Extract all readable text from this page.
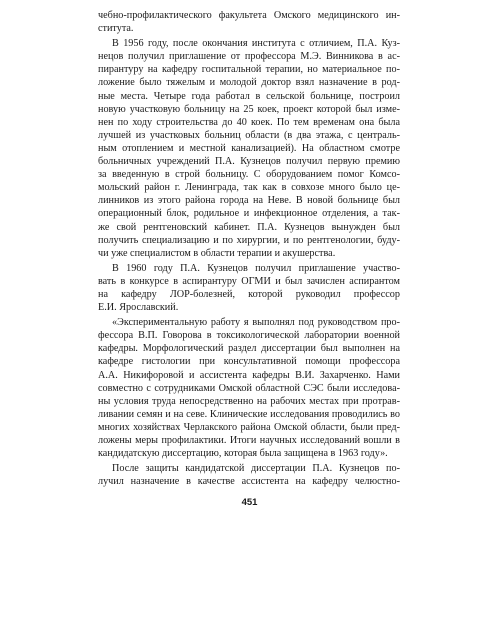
чебно-профилактического факультета Омского медицинского ин-
ститута.
В 1956 году, после окончания института с отличием, П.А. Куз-
нецов получил приглашение от профессора М.Э. Винникова в ас-
пирантуру на кафедру госпитальной терапии, но материальное по-
ложение было тяжелым и молодой доктор взял назначение в род-
ные места. Четыре года работал в сельской больнице, построил
новую участковую больницу на 25 коек, проект которой был изме-
нен по ходу строительства до 40 коек. По тем временам она была
лучшей из участковых больниц области (в два этажа, с централь-
ным отоплением и местной канализацией). На областном смотре
больничных учреждений П.А. Кузнецов получил первую премию
за введенную в строй больницу. С оборудованием помог Комсо-
мольский район г. Ленинграда, так как в совхозе много было це-
линников из этого района города на Неве. В новой больнице был
операционный блок, родильное и инфекционное отделения, а так-
же свой рентгеновский кабинет. П.А. Кузнецов вынужден был
получить специализацию и по хирургии, и по рентгенологии, буду-
чи уже специалистом в области терапии и акушерства.
В 1960 году П.А. Кузнецов получил приглашение участво-
вать в конкурсе в аспирантуру ОГМИ и был зачислен аспирантом
на кафедру ЛОР-болезней, которой руководил профессор
Е.И. Ярославский.
«Экспериментальную работу я выполнял под руководством про-
фессора В.П. Говорова в токсикологической лаборатории военной
кафедры. Морфологический раздел диссертации был выполнен на
кафедре гистологии при консультативной помощи профессора
А.А. Никифоровой и ассистента кафедры В.И. Захарченко. Нами
совместно с сотрудниками Омской областной СЭС были исследова-
ны условия труда непосредственно на рабочих местах при протрав-
ливании семян и на севе. Клинические исследования проводились во
многих хозяйствах Черлакского района Омской области, были пред-
ложены меры профилактики. Итоги научных исследований вошли в
кандидатскую диссертацию, которая была защищена в 1963 году».
После защиты кандидатской диссертации П.А. Кузнецов по-
лучил назначение в качестве ассистента на кафедру челюстно-
451
